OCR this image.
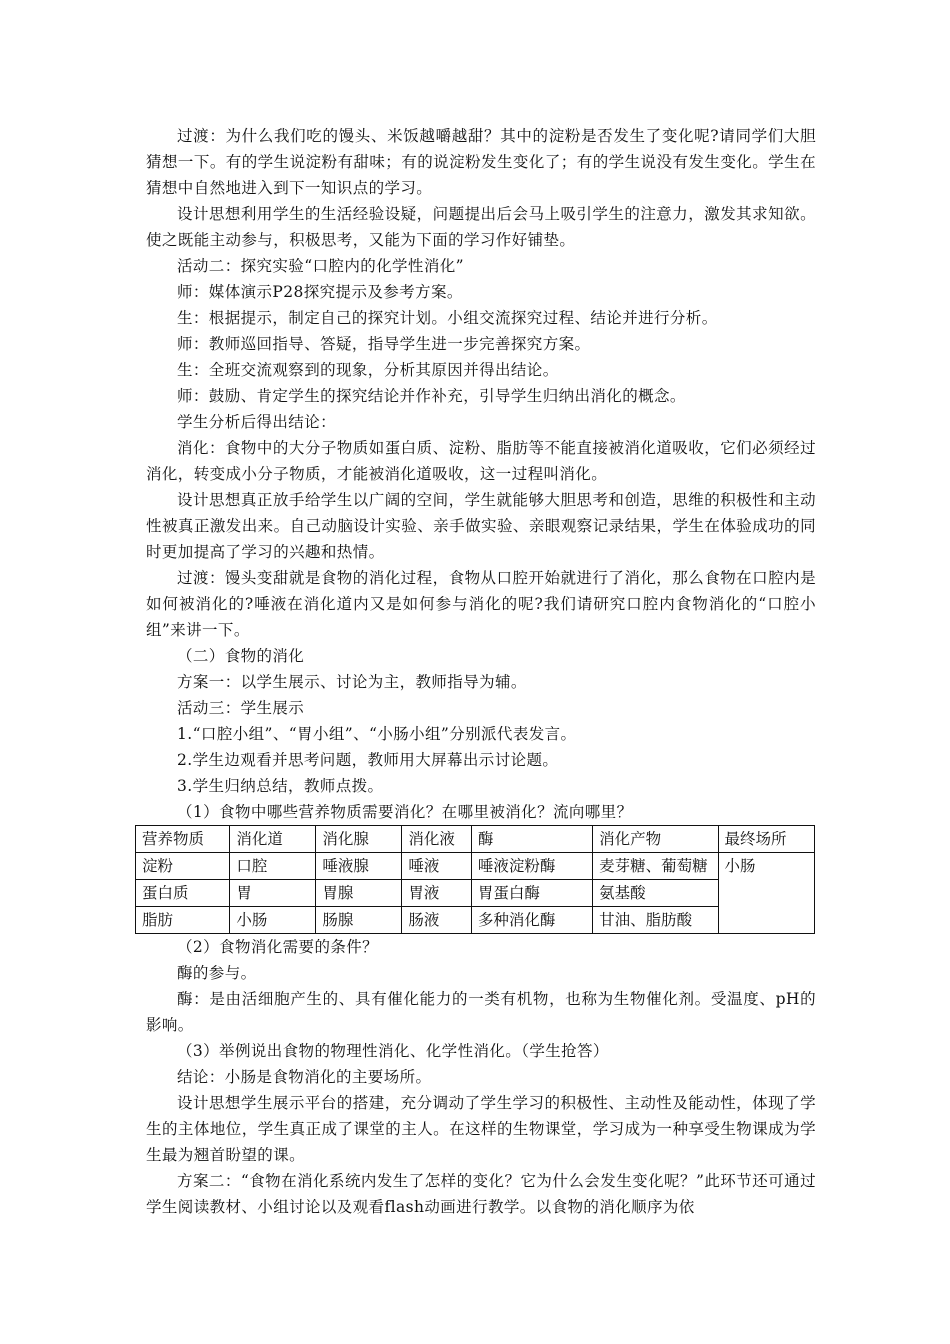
过渡：为什么我们吃的馒头、米饭越嚼越甜？其中的淀粉是否发生了变化呢?请同学们大胆猜想一下。有的学生说淀粉有甜味；有的说淀粉发生变化了；有的学生说没有发生变化。学生在猜想中自然地进入到下一知识点的学习。

设计思想利用学生的生活经验设疑，问题提出后会马上吸引学生的注意力，激发其求知欲。使之既能主动参与，积极思考，又能为下面的学习作好铺垫。

活动二：探究实验“口腔内的化学性消化”

师：媒体演示P28探究提示及参考方案。

生：根据提示，制定自己的探究计划。小组交流探究过程、结论并进行分析。

师：教师巡回指导、答疑，指导学生进一步完善探究方案。

生：全班交流观察到的现象，分析其原因并得出结论。

师：鼓励、肯定学生的探究结论并作补充，引导学生归纳出消化的概念。

学生分析后得出结论：

消化：食物中的大分子物质如蛋白质、淀粉、脂肪等不能直接被消化道吸收，它们必须经过消化，转变成小分子物质，才能被消化道吸收，这一过程叫消化。

设计思想真正放手给学生以广阔的空间，学生就能够大胆思考和创造，思维的积极性和主动性被真正激发出来。自己动脑设计实验、亲手做实验、亲眼观察记录结果，学生在体验成功的同时更加提高了学习的兴趣和热情。

过渡：馒头变甜就是食物的消化过程，食物从口腔开始就进行了消化，那么食物在口腔内是如何被消化的?唾液在消化道内又是如何参与消化的呢?我们请研究口腔内食物消化的“口腔小组”来讲一下。

（二）食物的消化

方案一：以学生展示、讨论为主，教师指导为辅。

活动三：学生展示

1.“口腔小组”、“胃小组”、“小肠小组”分别派代表发言。

2.学生边观看并思考问题，教师用大屏幕出示讨论题。

3.学生归纳总结，教师点拨。

（1）食物中哪些营养物质需要消化？在哪里被消化？流向哪里？

营养物质	消化道	消化腺	消化液	酶	消化产物	最终场所
淀粉	口腔	唾液腺	唾液	唾液淀粉酶	麦芽糖、葡萄糖	小肠
蛋白质	胃	胃腺	胃液	胃蛋白酶	氨基酸	
脂肪	小肠	肠腺	肠液	多种消化酶	甘油、脂肪酸	

（2）食物消化需要的条件？

酶的参与。

酶：是由活细胞产生的、具有催化能力的一类有机物，也称为生物催化剂。受温度、pH的影响。

（3）举例说出食物的物理性消化、化学性消化。（学生抢答）

结论：小肠是食物消化的主要场所。

设计思想学生展示平台的搭建，充分调动了学生学习的积极性、主动性及能动性，体现了学生的主体地位，学生真正成了课堂的主人。在这样的生物课堂，学习成为一种享受生物课成为学生最为翘首盼望的课。

方案二：“食物在消化系统内发生了怎样的变化？它为什么会发生变化呢？”此环节还可通过学生阅读教材、小组讨论以及观看flash动画进行教学。以食物的消化顺序为依
